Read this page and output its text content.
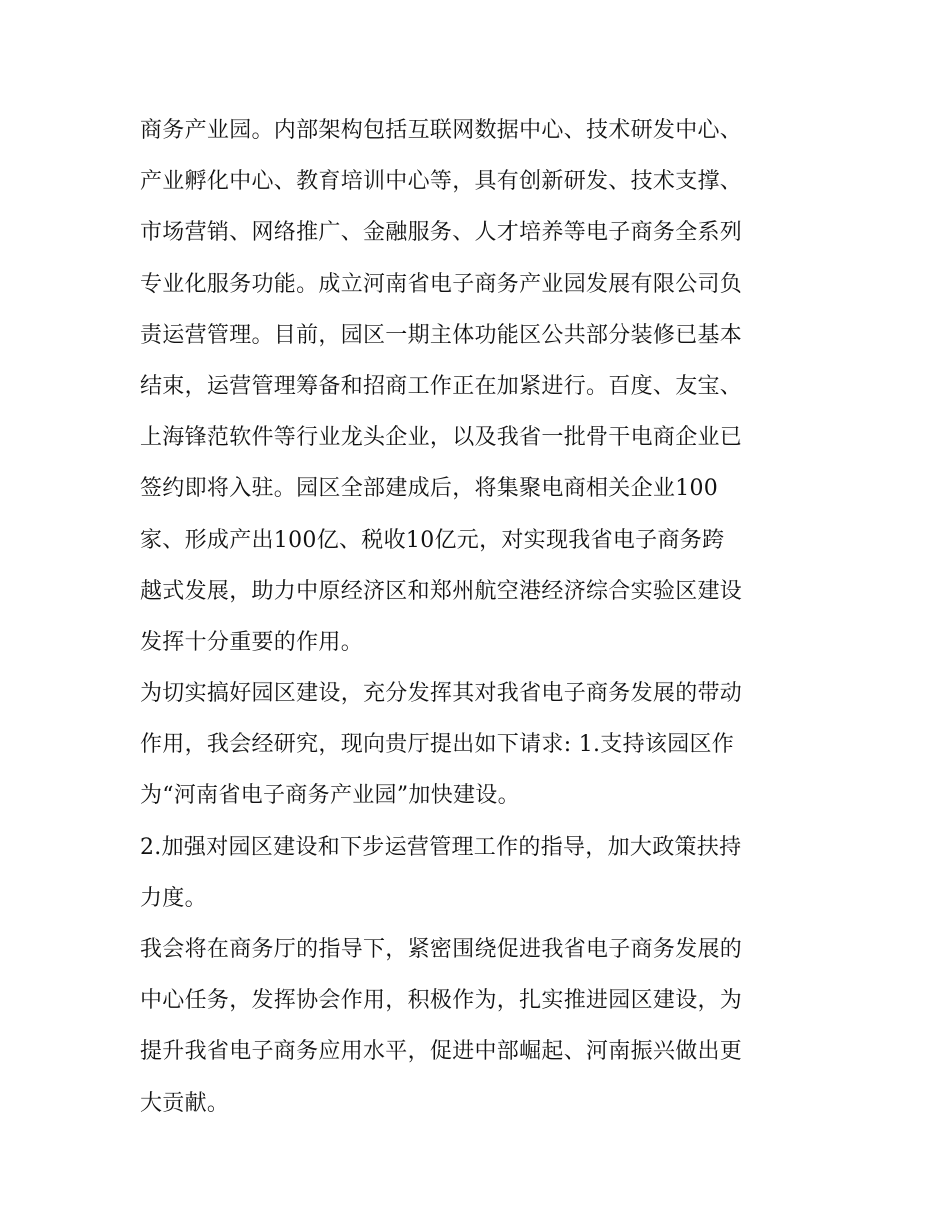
商务产业园。内部架构包括互联网数据中心、技术研发中心、
产业孵化中心、教育培训中心等，具有创新研发、技术支撑、
市场营销、网络推广、金融服务、人才培养等电子商务全系列
专业化服务功能。成立河南省电子商务产业园发展有限公司负
责运营管理。目前，园区一期主体功能区公共部分装修已基本
结束，运营管理筹备和招商工作正在加紧进行。百度、友宝、
上海锋范软件等行业龙头企业，以及我省一批骨干电商企业已
签约即将入驻。园区全部建成后，将集聚电商相关企业100
家、形成产出100亿、税收10亿元，对实现我省电子商务跨
越式发展，助力中原经济区和郑州航空港经济综合实验区建设
发挥十分重要的作用。
为切实搞好园区建设，充分发挥其对我省电子商务发展的带动
作用，我会经研究，现向贵厅提出如下请求: 1.支持该园区作
为“河南省电子商务产业园”加快建设。
2.加强对园区建设和下步运营管理工作的指导，加大政策扶持
力度。
我会将在商务厅的指导下，紧密围绕促进我省电子商务发展的
中心任务，发挥协会作用，积极作为，扎实推进园区建设，为
提升我省电子商务应用水平，促进中部崛起、河南振兴做出更
大贡献。
